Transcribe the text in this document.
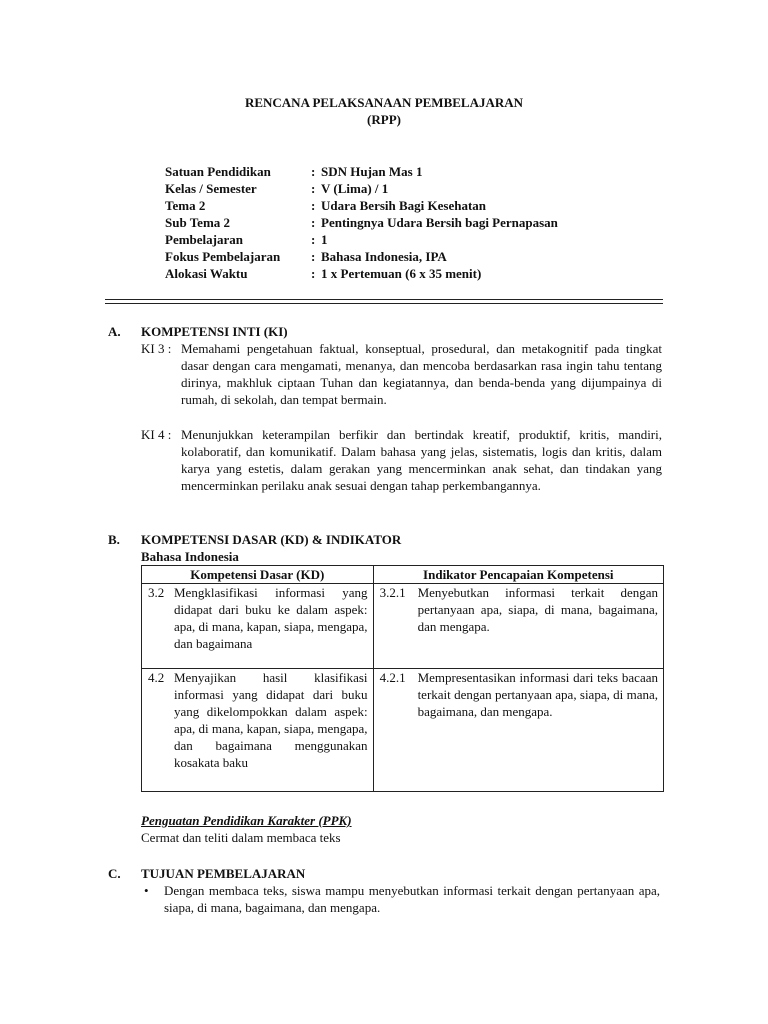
RENCANA PELAKSANAAN PEMBELAJARAN
(RPP)
Satuan Pendidikan	: SDN Hujan Mas 1
Kelas / Semester	: V (Lima) / 1
Tema 2	: Udara Bersih Bagi Kesehatan
Sub Tema 2	: Pentingnya Udara Bersih bagi Pernapasan
Pembelajaran	: 1
Fokus Pembelajaran	: Bahasa Indonesia, IPA
Alokasi Waktu	: 1 x Pertemuan (6 x 35 menit)
A. KOMPETENSI INTI (KI)
KI 3 : Memahami pengetahuan faktual, konseptual, prosedural, dan metakognitif pada tingkat dasar dengan cara mengamati, menanya, dan mencoba berdasarkan rasa ingin tahu tentang dirinya, makhluk ciptaan Tuhan dan kegiatannya, dan benda-benda yang dijumpainya di rumah, di sekolah, dan tempat bermain.
KI 4 : Menunjukkan keterampilan berfikir dan bertindak kreatif, produktif, kritis, mandiri, kolaboratif, dan komunikatif. Dalam bahasa yang jelas, sistematis, logis dan kritis, dalam karya yang estetis, dalam gerakan yang mencerminkan anak sehat, dan tindakan yang mencerminkan perilaku anak sesuai dengan tahap perkembangannya.
B. KOMPETENSI DASAR (KD) & INDIKATOR
Bahasa Indonesia
Kompetensi Dasar (KD)	Indikator Pencapaian Kompetensi

3.2 Mengklasifikasi informasi yang didapat dari buku ke dalam aspek: apa, di mana, kapan, siapa, mengapa, dan bagaimana	3.2.1 Menyebutkan informasi terkait dengan pertanyaan apa, siapa, di mana, bagaimana, dan mengapa.

4.2 Menyajikan hasil klasifikasi informasi yang didapat dari buku yang dikelompokkan dalam aspek: apa, di mana, kapan, siapa, mengapa, dan bagaimana menggunakan kosakata baku	4.2.1 Mempresentasikan informasi dari teks bacaan terkait dengan pertanyaan apa, siapa, di mana, bagaimana, dan mengapa.
Penguatan Pendidikan Karakter (PPK)
Cermat dan teliti dalam membaca teks
C. TUJUAN PEMBELAJARAN
• Dengan membaca teks, siswa mampu menyebutkan informasi terkait dengan pertanyaan apa, siapa, di mana, bagaimana, dan mengapa.
